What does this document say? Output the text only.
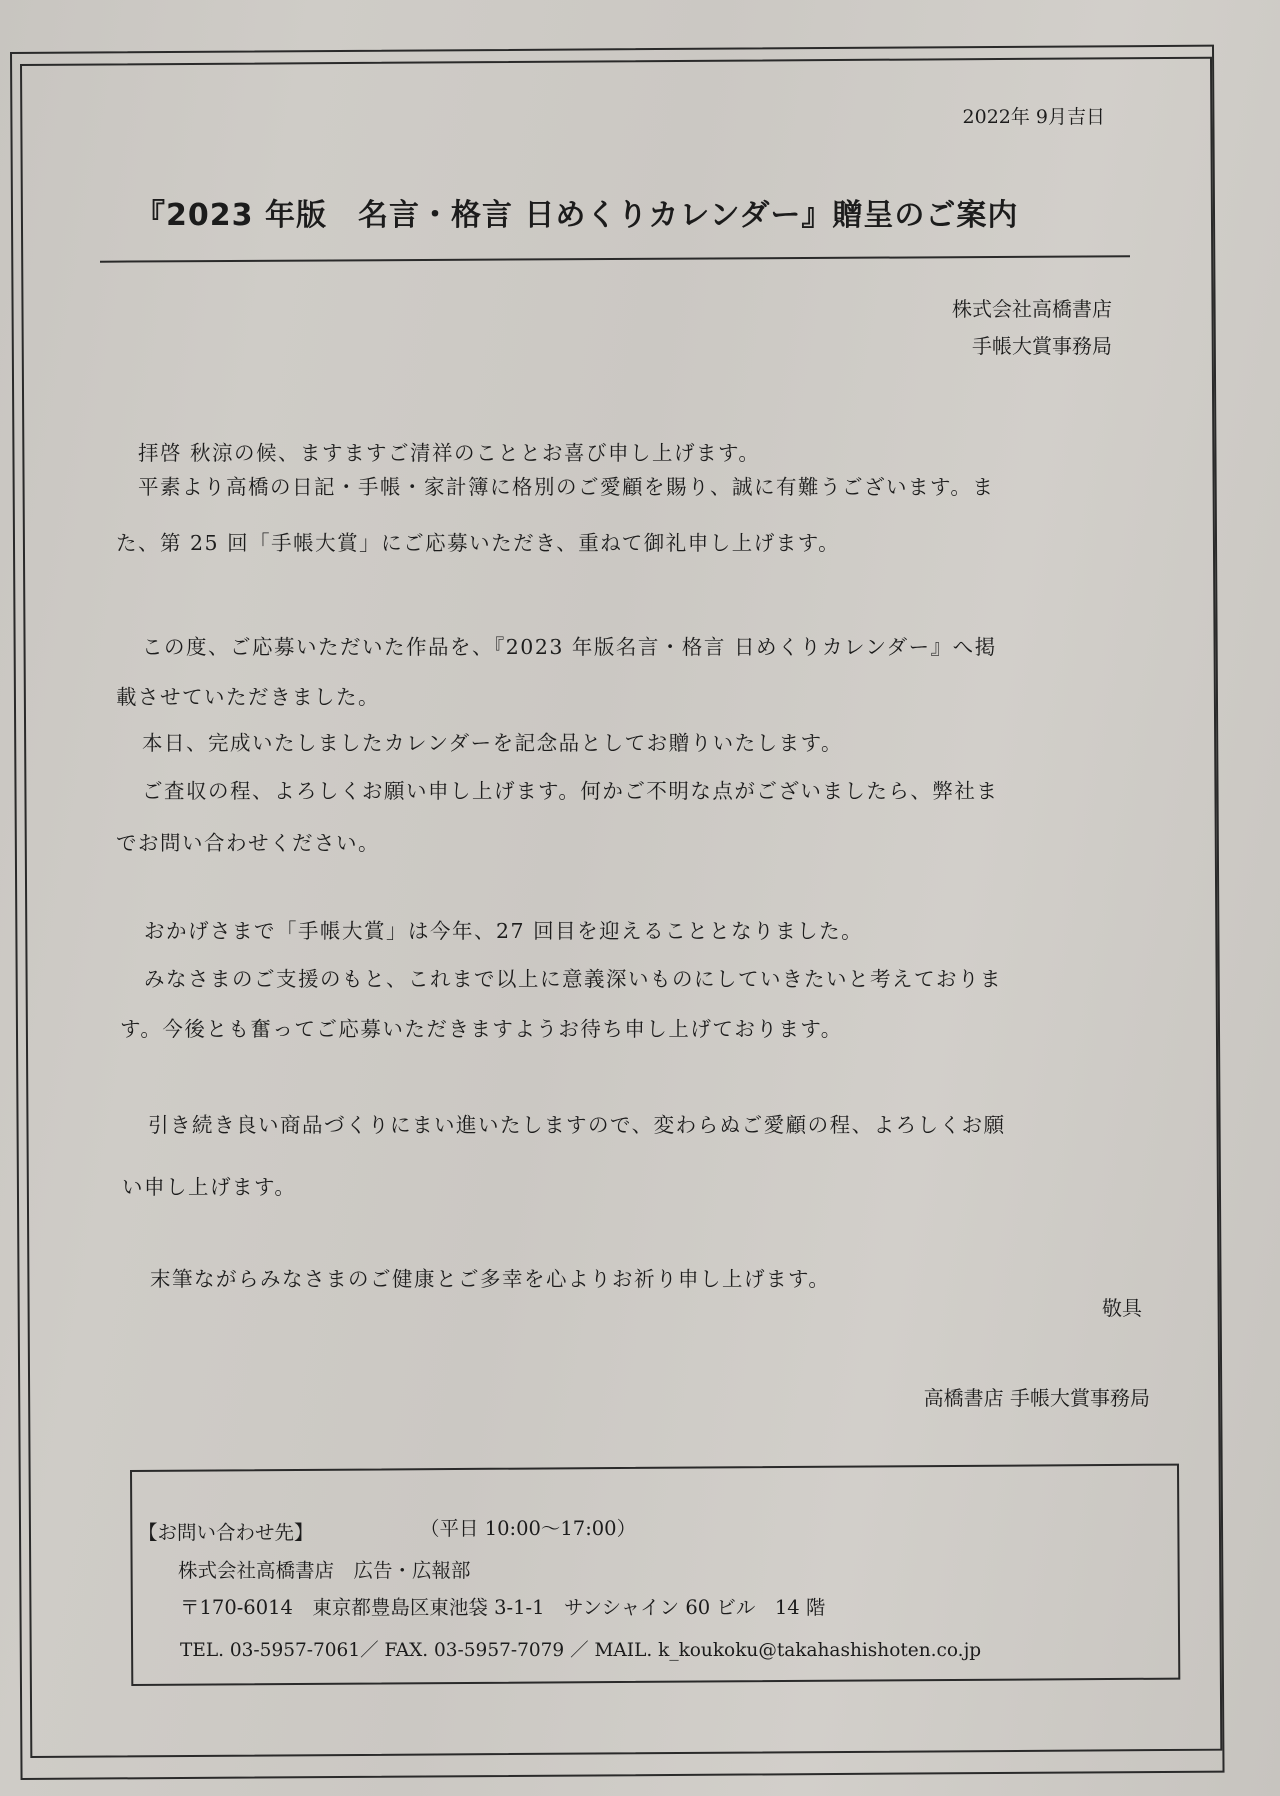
2022年 9月吉日
『2023 年版　名言・格言 日めくりカレンダー』贈呈のご案内
株式会社高橋書店
手帳大賞事務局
拝啓 秋涼の候、ますますご清祥のこととお喜び申し上げます。
平素より高橋の日記・手帳・家計簿に格別のご愛顧を賜り、誠に有難うございます。ま
た、第 25 回「手帳大賞」にご応募いただき、重ねて御礼申し上げます。
この度、ご応募いただいた作品を、『2023 年版名言・格言 日めくりカレンダー』へ掲
載させていただきました。
本日、完成いたしましたカレンダーを記念品としてお贈りいたします。
ご査収の程、よろしくお願い申し上げます。何かご不明な点がございましたら、弊社ま
でお問い合わせください。
おかげさまで「手帳大賞」は今年、27 回目を迎えることとなりました。
みなさまのご支援のもと、これまで以上に意義深いものにしていきたいと考えておりま
す。今後とも奮ってご応募いただきますようお待ち申し上げております。
引き続き良い商品づくりにまい進いたしますので、変わらぬご愛顧の程、よろしくお願
い申し上げます。
末筆ながらみなさまのご健康とご多幸を心よりお祈り申し上げます。
敬具
高橋書店 手帳大賞事務局
【お問い合わせ先】	（平日 10:00～17:00）
株式会社高橋書店　広告・広報部
〒170-6014　東京都豊島区東池袋 3-1-1　サンシャイン 60 ビル　14 階
TEL. 03-5957-7061／ FAX. 03-5957-7079 ／ MAIL. k_koukoku@takahashishoten.co.jp
